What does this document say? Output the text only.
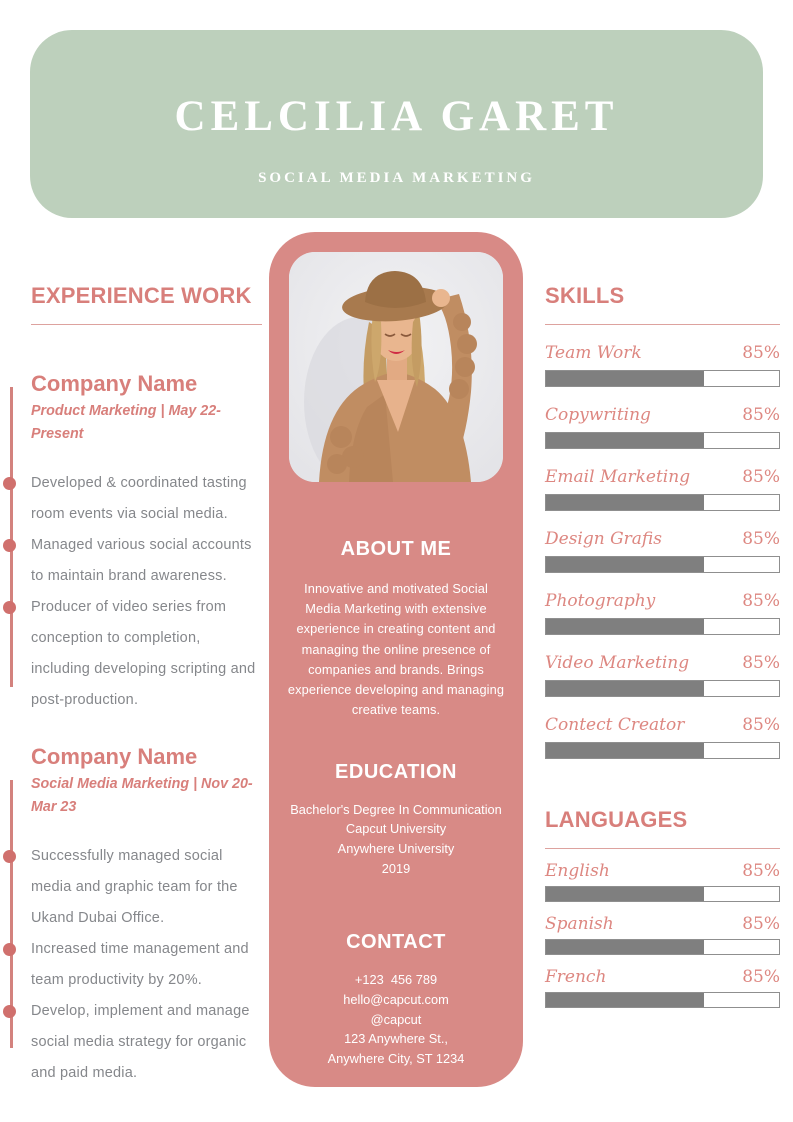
CELCILIA GARET
SOCIAL MEDIA MARKETING
EXPERIENCE WORK
Company Name
Product Marketing | May 22-Present
Developed & coordinated tasting room events via social media.
Managed various social accounts to maintain brand awareness.
Producer of video series from conception to completion, including developing scripting and post-production.
Company Name
Social Media Marketing | Nov 20-Mar 23
Successfully managed social media and graphic team for the Ukand Dubai Office.
Increased time management and team productivity by 20%.
Develop, implement and manage social media strategy for organic and paid media.
ABOUT ME
Innovative and motivated Social Media Marketing with extensive experience in creating content and managing the online presence of companies and brands. Brings experience developing and managing creative teams.
EDUCATION
Bachelor's Degree In Communication
Capcut University
Anywhere University
2019
CONTACT
+123  456 789
hello@capcut.com
@capcut
123 Anywhere St.,
Anywhere City, ST 1234
SKILLS
Team Work	85%
Copywriting	85%
Email Marketing	85%
Design Grafis	85%
Photography	85%
Video Marketing	85%
Contect Creator	85%
LANGUAGES
English	85%
Spanish	85%
French	85%
